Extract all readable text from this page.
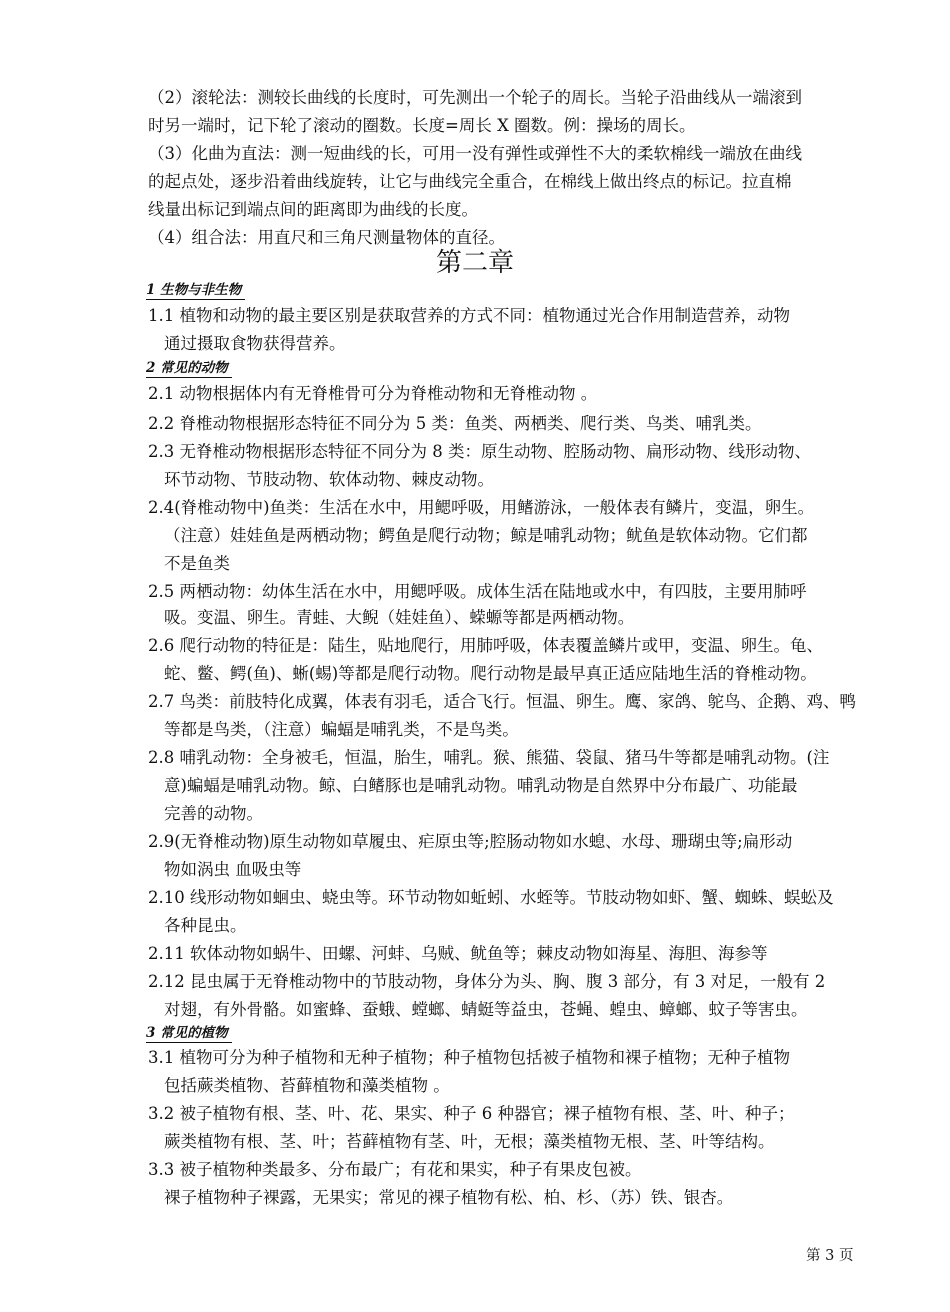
（2）滚轮法：测较长曲线的长度时，可先测出一个轮子的周长。当轮子沿曲线从一端滚到
时另一端时，记下轮了滚动的圈数。长度=周长 X 圈数。例：操场的周长。
（3）化曲为直法：测一短曲线的长，可用一没有弹性或弹性不大的柔软棉线一端放在曲线
的起点处，逐步沿着曲线旋转，让它与曲线完全重合，在棉线上做出终点的标记。拉直棉
线量出标记到端点间的距离即为曲线的长度。
（4）组合法：用直尺和三角尺测量物体的直径。
第二章
1 生物与非生物
1.1 植物和动物的最主要区别是获取营养的方式不同：植物通过光合作用制造营养，动物
通过摄取食物获得营养。
2 常见的动物
2.1 动物根据体内有无脊椎骨可分为脊椎动物和无脊椎动物 。
2.2 脊椎动物根据形态特征不同分为 5 类：鱼类、两栖类、爬行类、鸟类、哺乳类。
2.3 无脊椎动物根据形态特征不同分为 8 类：原生动物、腔肠动物、扁形动物、线形动物、
环节动物、节肢动物、软体动物、棘皮动物。
2.4(脊椎动物中)鱼类：生活在水中，用鳃呼吸，用鳍游泳，一般体表有鳞片，变温，卵生。
（注意）娃娃鱼是两栖动物；鳄鱼是爬行动物；鲸是哺乳动物；鱿鱼是软体动物。它们都
不是鱼类
2.5 两栖动物：幼体生活在水中，用鳃呼吸。成体生活在陆地或水中，有四肢，主要用肺呼
吸。变温、卵生。青蛙、大鲵（娃娃鱼）、蝾螈等都是两栖动物。
2.6 爬行动物的特征是：陆生，贴地爬行，用肺呼吸，体表覆盖鳞片或甲，变温、卵生。龟、
蛇、鳖、鳄(鱼)、蜥(蜴)等都是爬行动物。爬行动物是最早真正适应陆地生活的脊椎动物。
2.7 鸟类：前肢特化成翼，体表有羽毛，适合飞行。恒温、卵生。鹰、家鸽、鸵鸟、企鹅、鸡、鸭
等都是鸟类，（注意）蝙蝠是哺乳类，不是鸟类。
2.8 哺乳动物：全身被毛，恒温，胎生，哺乳。猴、熊猫、袋鼠、猪马牛等都是哺乳动物。(注
意)蝙蝠是哺乳动物。鲸、白鳍豚也是哺乳动物。哺乳动物是自然界中分布最广、功能最
完善的动物。
2.9(无脊椎动物)原生动物如草履虫、疟原虫等;腔肠动物如水螅、水母、珊瑚虫等;扁形动
物如涡虫 血吸虫等
2.10 线形动物如蛔虫、蛲虫等。环节动物如蚯蚓、水蛭等。节肢动物如虾、蟹、蜘蛛、蜈蚣及
各种昆虫。
2.11 软体动物如蜗牛、田螺、河蚌、乌贼、鱿鱼等；棘皮动物如海星、海胆、海参等
2.12 昆虫属于无脊椎动物中的节肢动物，身体分为头、胸、腹 3 部分，有 3 对足，一般有 2
对翅，有外骨骼。如蜜蜂、蚕蛾、螳螂、蜻蜓等益虫，苍蝇、蝗虫、蟑螂、蚊子等害虫。
3 常见的植物
3.1 植物可分为种子植物和无种子植物；种子植物包括被子植物和裸子植物；无种子植物
包括蕨类植物、苔藓植物和藻类植物 。
3.2 被子植物有根、茎、叶、花、果实、种子 6 种器官；裸子植物有根、茎、叶、种子；
蕨类植物有根、茎、叶；苔藓植物有茎、叶，无根；藻类植物无根、茎、叶等结构。
3.3 被子植物种类最多、分布最广；有花和果实，种子有果皮包被。
裸子植物种子裸露，无果实；常见的裸子植物有松、柏、杉、（苏）铁、银杏。
第 3 页
